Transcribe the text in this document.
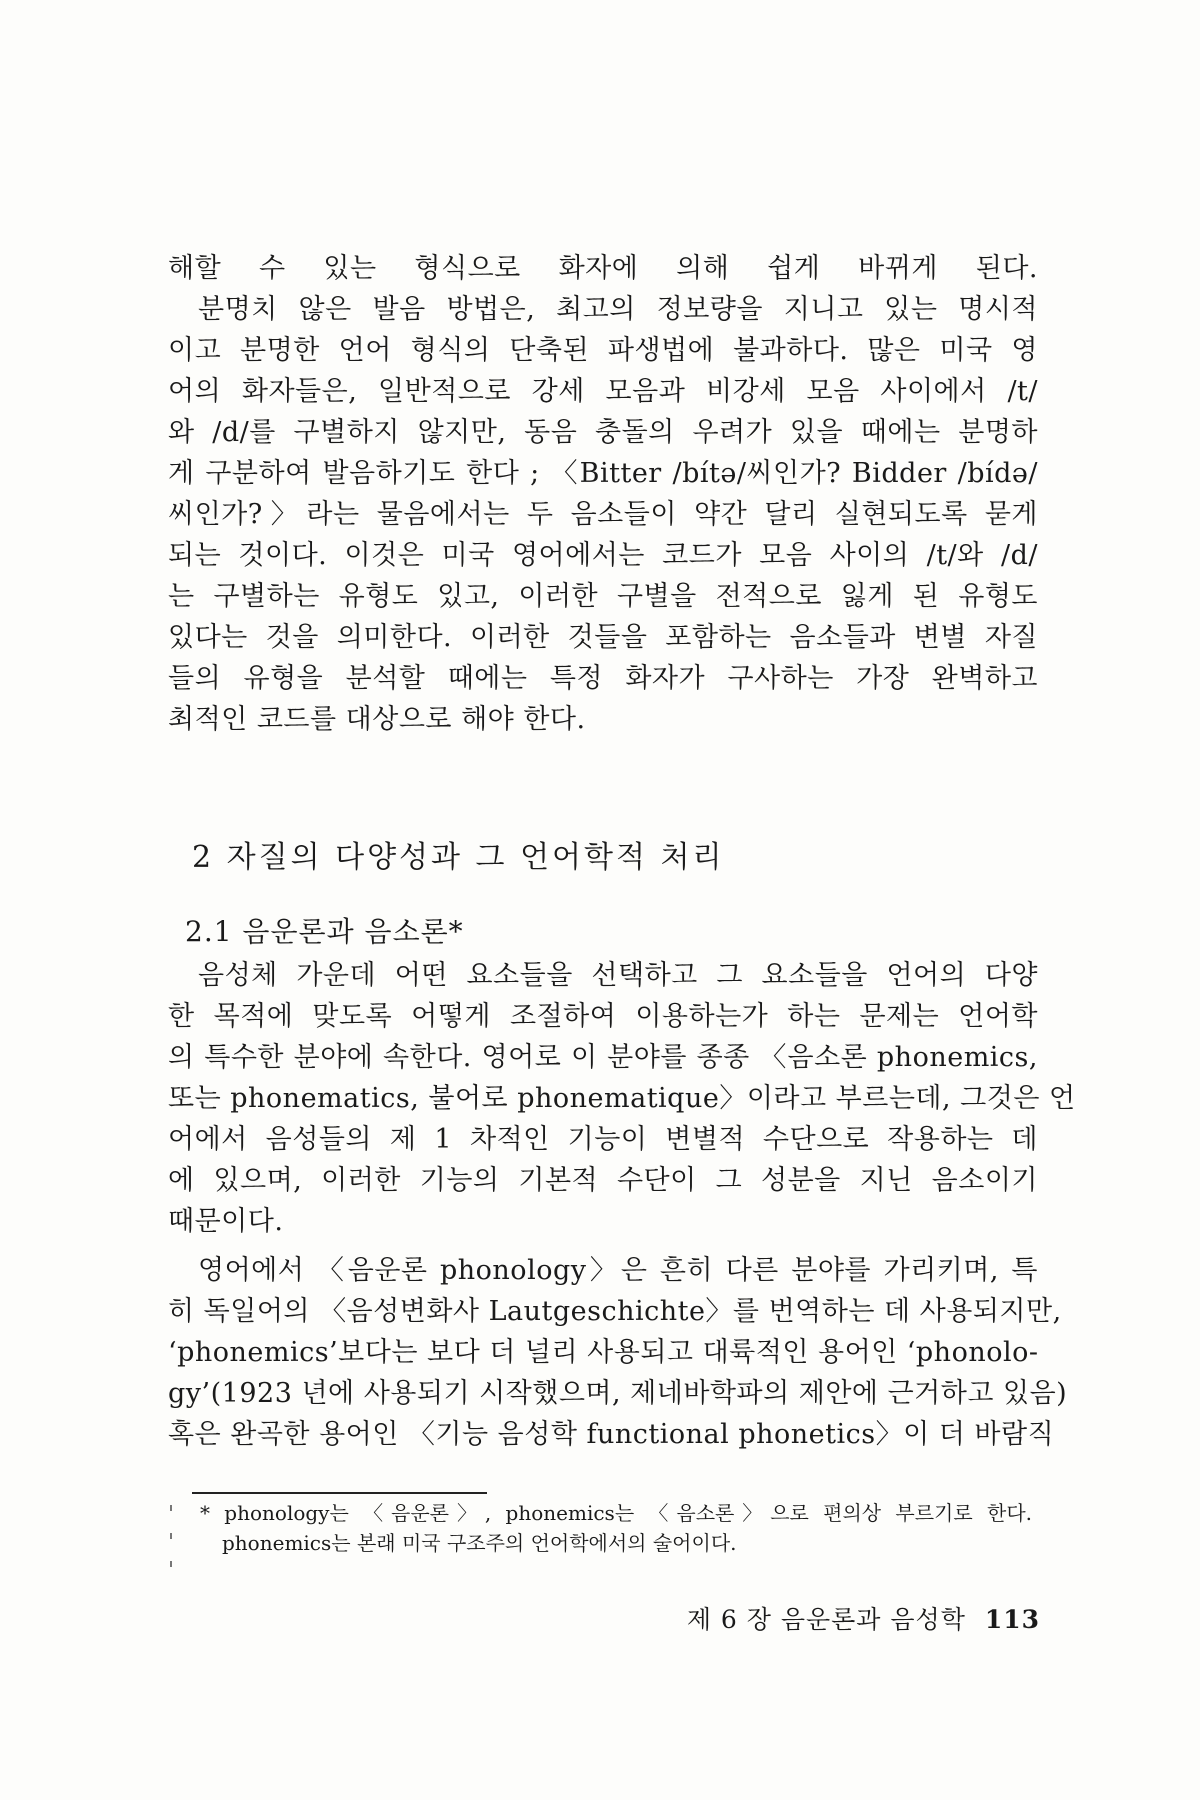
해할 수 있는 형식으로 화자에 의해 쉽게 바뀌게 된다.
분명치 않은 발음 방법은, 최고의 정보량을 지니고 있는 명시적
이고 분명한 언어 형식의 단축된 파생법에 불과하다. 많은 미국 영
어의 화자들은, 일반적으로 강세 모음과 비강세 모음 사이에서 /t/
와 /d/를 구별하지 않지만, 동음 충돌의 우려가 있을 때에는 분명하
게 구분하여 발음하기도 한다 ; 〈Bitter /bítə/씨인가? Bidder /bídə/
씨인가?〉라는 물음에서는 두 음소들이 약간 달리 실현되도록 묻게
되는 것이다. 이것은 미국 영어에서는 코드가 모음 사이의 /t/와 /d/
는 구별하는 유형도 있고, 이러한 구별을 전적으로 잃게 된 유형도
있다는 것을 의미한다. 이러한 것들을 포함하는 음소들과 변별 자질
들의 유형을 분석할 때에는 특정 화자가 구사하는 가장 완벽하고
최적인 코드를 대상으로 해야 한다.
2 자질의 다양성과 그 언어학적 처리
2.1 음운론과 음소론*
음성체 가운데 어떤 요소들을 선택하고 그 요소들을 언어의 다양
한 목적에 맞도록 어떻게 조절하여 이용하는가 하는 문제는 언어학
의 특수한 분야에 속한다. 영어로 이 분야를 종종 〈음소론 phonemics,
또는 phonematics, 불어로 phonematique〉이라고 부르는데, 그것은 언
어에서 음성들의 제 1 차적인 기능이 변별적 수단으로 작용하는 데
에 있으며, 이러한 기능의 기본적 수단이 그 성분을 지닌 음소이기
때문이다.
영어에서 〈음운론 phonology〉은 흔히 다른 분야를 가리키며, 특
히 독일어의 〈음성변화사 Lautgeschichte〉를 번역하는 데 사용되지만,
‘phonemics’보다는 보다 더 널리 사용되고 대륙적인 용어인 ‘phonolo-
gy’(1923 년에 사용되기 시작했으며, 제네바학파의 제안에 근거하고 있음)
혹은 완곡한 용어인 〈기능 음성학 functional phonetics〉이 더 바람직
* phonology는 〈음운론〉, phonemics는 〈음소론〉으로 편의상 부르기로 한다.
phonemics는 본래 미국 구조주의 언어학에서의 술어이다.
제 6 장 음운론과 음성학 113
